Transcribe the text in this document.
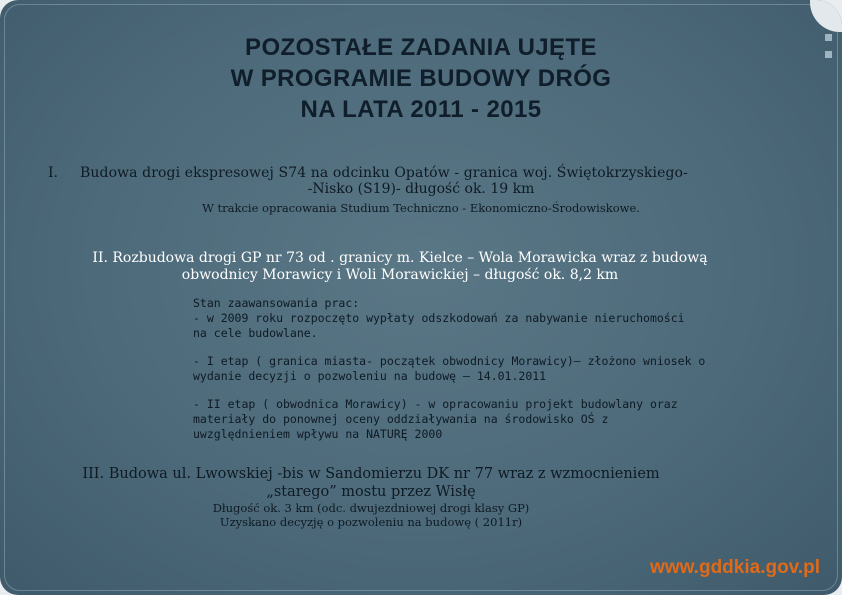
POZOSTAŁE ZADANIA UJĘTE
W PROGRAMIE BUDOWY DRÓG
NA LATA 2011 - 2015
I. Budowa drogi ekspresowej S74 na odcinku Opatów - granica woj. Świętokrzyskiego-
-Nisko (S19)- długość ok. 19 km
W trakcie opracowania Studium Techniczno - Ekonomiczno-Środowiskowe.
II. Rozbudowa drogi GP nr 73 od . granicy m. Kielce – Wola Morawicka wraz z budową
obwodnicy Morawicy i Woli Morawickiej – długość ok. 8,2 km
Stan zaawansowania prac:
- w 2009 roku rozpoczęto wypłaty odszkodowań za nabywanie nieruchomości
na cele budowlane.
- I etap ( granica miasta- początek obwodnicy Morawicy)– złożono wniosek o
wydanie decyzji o pozwoleniu na budowę – 14.01.2011
- II etap ( obwodnica Morawicy) - w opracowaniu projekt budowlany oraz
materiały do ponownej oceny oddziaływania na środowisko OŚ z
uwzględnieniem wpływu na NATURĘ 2000
III. Budowa ul. Lwowskiej -bis w Sandomierzu DK nr 77 wraz z wzmocnieniem
„starego” mostu przez Wisłę
Długość ok. 3 km (odc. dwujezdniowej drogi klasy GP)
Uzyskano decyzję o pozwoleniu na budowę ( 2011r)
www.gddkia.gov.pl
